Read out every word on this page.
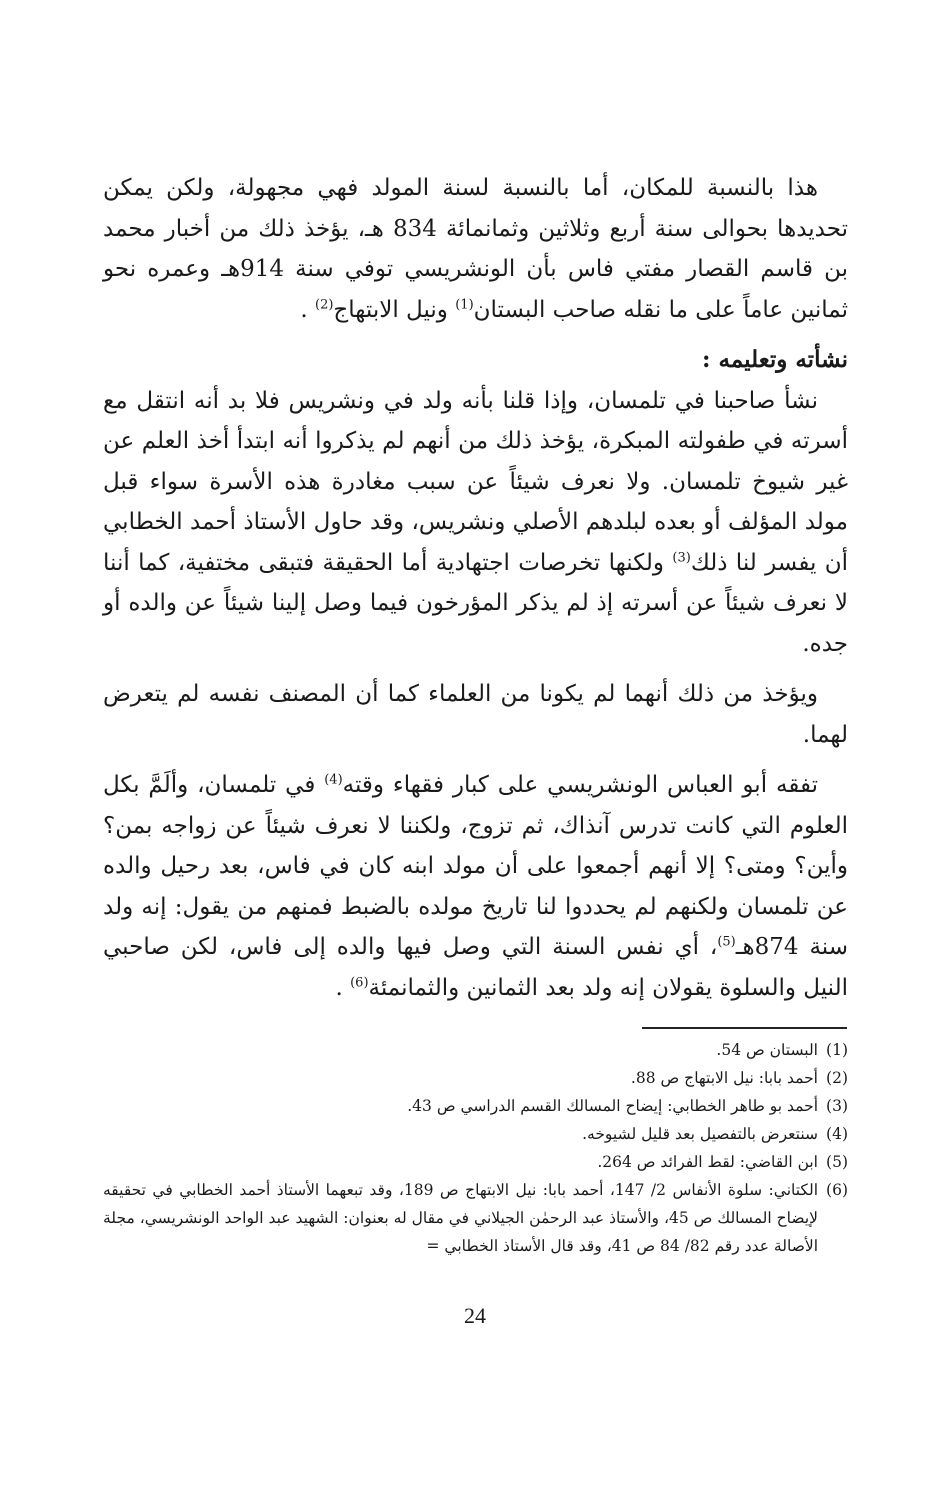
هذا بالنسبة للمكان، أما بالنسبة لسنة المولد فهي مجهولة، ولكن يمكن تحديدها بحوالى سنة أربع وثلاثين وثمانمائة 834 هـ، يؤخذ ذلك من أخبار محمد بن قاسم القصار مفتي فاس بأن الونشريسي توفي سنة 914هـ وعمره نحو ثمانين عاماً على ما نقله صاحب البستان$^{(1)}$ ونيل الابتهاج$^{(2)}$ .

نشأته وتعليمه :

نشأ صاحبنا في تلمسان، وإذا قلنا بأنه ولد في ونشريس فلا بد أنه انتقل مع أسرته في طفولته المبكرة، يؤخذ ذلك من أنهم لم يذكروا أنه ابتدأ أخذ العلم عن غير شيوخ تلمسان. ولا نعرف شيئاً عن سبب مغادرة هذه الأسرة سواء قبل مولد المؤلف أو بعده لبلدهم الأصلي ونشريس، وقد حاول الأستاذ أحمد الخطابي أن يفسر لنا ذلك$^{(3)}$ ولكنها تخرصات اجتهادية أما الحقيقة فتبقى مختفية، كما أننا لا نعرف شيئاً عن أسرته إذ لم يذكر المؤرخون فيما وصل إلينا شيئاً عن والده أو جده.

ويؤخذ من ذلك أنهما لم يكونا من العلماء كما أن المصنف نفسه لم يتعرض لهما.

تفقه أبو العباس الونشريسي على كبار فقهاء وقته$^{(4)}$ في تلمسان، وألَمَّ بكل العلوم التي كانت تدرس آنذاك، ثم تزوج، ولكننا لا نعرف شيئاً عن زواجه بمن؟ وأين؟ ومتى؟ إلا أنهم أجمعوا على أن مولد ابنه كان في فاس، بعد رحيل والده عن تلمسان ولكنهم لم يحددوا لنا تاريخ مولده بالضبط فمنهم من يقول: إنه ولد سنة 874هـ$^{(5)}$، أي نفس السنة التي وصل فيها والده إلى فاس، لكن صاحبي النيل والسلوة يقولان إنه ولد بعد الثمانين والثمانمئة$^{(6)}$ .

(1)
البستان ص 54.
(2)
أحمد بابا: نيل الابتهاج ص 88.
(3)
أحمد بو طاهر الخطابي: إيضاح المسالك القسم الدراسي ص 43.
(4)
سنتعرض بالتفصيل بعد قليل لشيوخه.
(5)
ابن القاضي: لقط الفرائد ص 264.
(6)
الكتاني: سلوة الأنفاس 2/ 147، أحمد بابا: نيل الابتهاج ص 189، وقد تبعهما الأستاذ أحمد الخطابي في تحقيقه لإيضاح المسالك ص 45، والأستاذ عبد الرحمٰن الجيلاني في مقال له بعنوان: الشهيد عبد الواحد الونشريسي، مجلة الأصالة عدد رقم 82/ 84 ص 41، وقد قال الأستاذ الخطابي =
24
